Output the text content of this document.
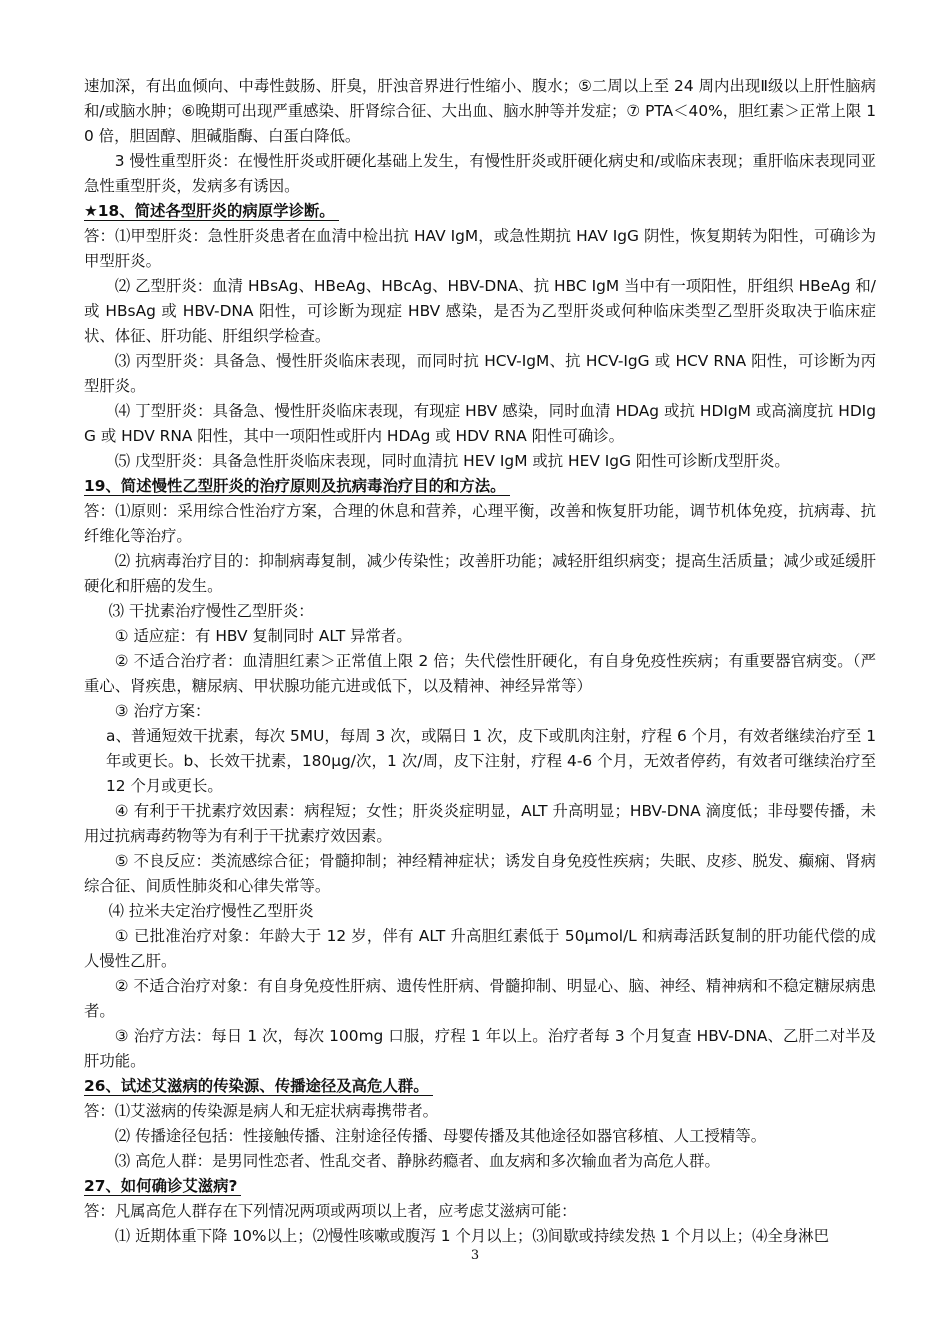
速加深，有出血倾向、中毒性鼓肠、肝臭，肝浊音界进行性缩小、腹水；⑤二周以上至 24 周内出现Ⅱ级以上肝性脑病和/或脑水肿；⑥晚期可出现严重感染、肝肾综合征、大出血、脑水肿等并发症；⑦ PTA＜40%，胆红素＞正常上限 10 倍，胆固醇、胆碱脂酶、白蛋白降低。

3 慢性重型肝炎：在慢性肝炎或肝硬化基础上发生，有慢性肝炎或肝硬化病史和/或临床表现；重肝临床表现同亚急性重型肝炎，发病多有诱因。

★18、简述各型肝炎的病原学诊断。

答：⑴甲型肝炎：急性肝炎患者在血清中检出抗 HAV IgM，或急性期抗 HAV IgG 阴性，恢复期转为阳性，可确诊为甲型肝炎。

⑵ 乙型肝炎：血清 HBsAg、HBeAg、HBcAg、HBV-DNA、抗 HBC IgM 当中有一项阳性，肝组织 HBeAg 和/或 HBsAg 或 HBV-DNA 阳性，可诊断为现症 HBV 感染，是否为乙型肝炎或何种临床类型乙型肝炎取决于临床症状、体征、肝功能、肝组织学检查。

⑶ 丙型肝炎：具备急、慢性肝炎临床表现，而同时抗 HCV-IgM、抗 HCV-IgG 或 HCV RNA 阳性，可诊断为丙型肝炎。

⑷ 丁型肝炎：具备急、慢性肝炎临床表现，有现症 HBV 感染，同时血清 HDAg 或抗 HDIgM 或高滴度抗 HDIgG 或 HDV RNA 阳性，其中一项阳性或肝内 HDAg 或 HDV RNA 阳性可确诊。

⑸ 戊型肝炎：具备急性肝炎临床表现，同时血清抗 HEV IgM 或抗 HEV IgG 阳性可诊断戊型肝炎。

19、简述慢性乙型肝炎的治疗原则及抗病毒治疗目的和方法。

答：⑴原则：采用综合性治疗方案，合理的休息和营养，心理平衡，改善和恢复肝功能，调节机体免疫，抗病毒、抗纤维化等治疗。

⑵ 抗病毒治疗目的：抑制病毒复制，减少传染性；改善肝功能；减轻肝组织病变；提高生活质量；减少或延缓肝硬化和肝癌的发生。

⑶ 干扰素治疗慢性乙型肝炎：

① 适应症：有 HBV 复制同时 ALT 异常者。

② 不适合治疗者：血清胆红素＞正常值上限 2 倍；失代偿性肝硬化，有自身免疫性疾病；有重要器官病变。（严重心、肾疾患，糖尿病、甲状腺功能亢进或低下，以及精神、神经异常等）

③ 治疗方案：

a、普通短效干扰素，每次 5MU，每周 3 次，或隔日 1 次，皮下或肌肉注射，疗程 6 个月，有效者继续治疗至 1 年或更长。b、长效干扰素，180μg/次，1 次/周，皮下注射，疗程 4-6 个月，无效者停药，有效者可继续治疗至 12 个月或更长。

④ 有利于干扰素疗效因素：病程短；女性；肝炎炎症明显，ALT 升高明显；HBV-DNA 滴度低；非母婴传播，未用过抗病毒药物等为有利于干扰素疗效因素。

⑤ 不良反应：类流感综合征；骨髓抑制；神经精神症状；诱发自身免疫性疾病；失眠、皮疹、脱发、癫痫、肾病综合征、间质性肺炎和心律失常等。

⑷ 拉米夫定治疗慢性乙型肝炎

① 已批准治疗对象：年龄大于 12 岁，伴有 ALT 升高胆红素低于 50μmol/L 和病毒活跃复制的肝功能代偿的成人慢性乙肝。

② 不适合治疗对象：有自身免疫性肝病、遗传性肝病、骨髓抑制、明显心、脑、神经、精神病和不稳定糖尿病患者。

③ 治疗方法：每日 1 次，每次 100mg 口服，疗程 1 年以上。治疗者每 3 个月复查 HBV-DNA、乙肝二对半及肝功能。

26、试述艾滋病的传染源、传播途径及高危人群。

答：⑴艾滋病的传染源是病人和无症状病毒携带者。

⑵ 传播途径包括：性接触传播、注射途径传播、母婴传播及其他途径如器官移植、人工授精等。

⑶ 高危人群：是男同性恋者、性乱交者、静脉药瘾者、血友病和多次输血者为高危人群。

27、如何确诊艾滋病?

答：凡属高危人群存在下列情况两项或两项以上者，应考虑艾滋病可能：

⑴ 近期体重下降 10%以上；⑵慢性咳嗽或腹泻 1 个月以上；⑶间歇或持续发热 1 个月以上；⑷全身淋巴

3
